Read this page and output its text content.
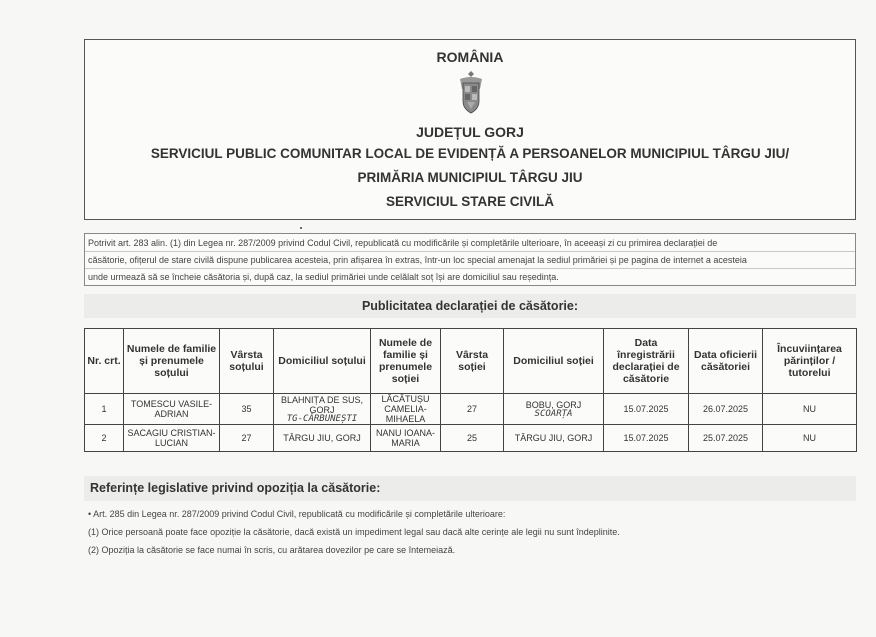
ROMÂNIA
JUDEȚUL GORJ
SERVICIUL PUBLIC COMUNITAR LOCAL DE EVIDENȚĂ A PERSOANELOR MUNICIPIUL TÂRGU JIU/
PRIMĂRIA MUNICIPIUL TÂRGU JIU
SERVICIUL STARE CIVILĂ
Potrivit art. 283 alin. (1) din Legea nr. 287/2009 privind Codul Civil, republicată cu modificările și completările ulterioare, în aceeași zi cu primirea declarației de
căsătorie, ofițerul de stare civilă dispune publicarea acesteia, prin afișarea în extras, într-un loc special amenajat la sediul primăriei și pe pagina de internet a acesteia
unde urmează să se încheie căsătoria și, după caz, la sediul primăriei unde celălalt soț își are domiciliul sau reședința.
Publicitatea declarației de căsătorie:
Nr. crt.	Numele de familie și prenumele soțului	Vârsta soțului	Domiciliul soțului	Numele de familie și prenumele soției	Vârsta soției	Domiciliul soției	Data înregistrării declarației de căsătorie	Data oficierii căsătoriei	Încuviințarea părinților / tutorelui
1	TOMESCU VASILE-ADRIAN	35	BLAHNIȚA DE SUS, GORJ
TG-CĂRBUNEȘTI	LĂCĂTUȘU CAMELIA-MIHAELA	27	BOBU, GORJ
SCOARȚA	15.07.2025	26.07.2025	NU
2	SACAGIU CRISTIAN-LUCIAN	27	TÂRGU JIU, GORJ	NANU IOANA-MARIA	25	TÂRGU JIU, GORJ	15.07.2025	25.07.2025	NU
Referințe legislative privind opoziția la căsătorie:
• Art. 285 din Legea nr. 287/2009 privind Codul Civil, republicată cu modificările și completările ulterioare:
(1) Orice persoană poate face opoziție la căsătorie, dacă există un impediment legal sau dacă alte cerințe ale legii nu sunt îndeplinite.
(2) Opoziția la căsătorie se face numai în scris, cu arătarea dovezilor pe care se întemeiază.
